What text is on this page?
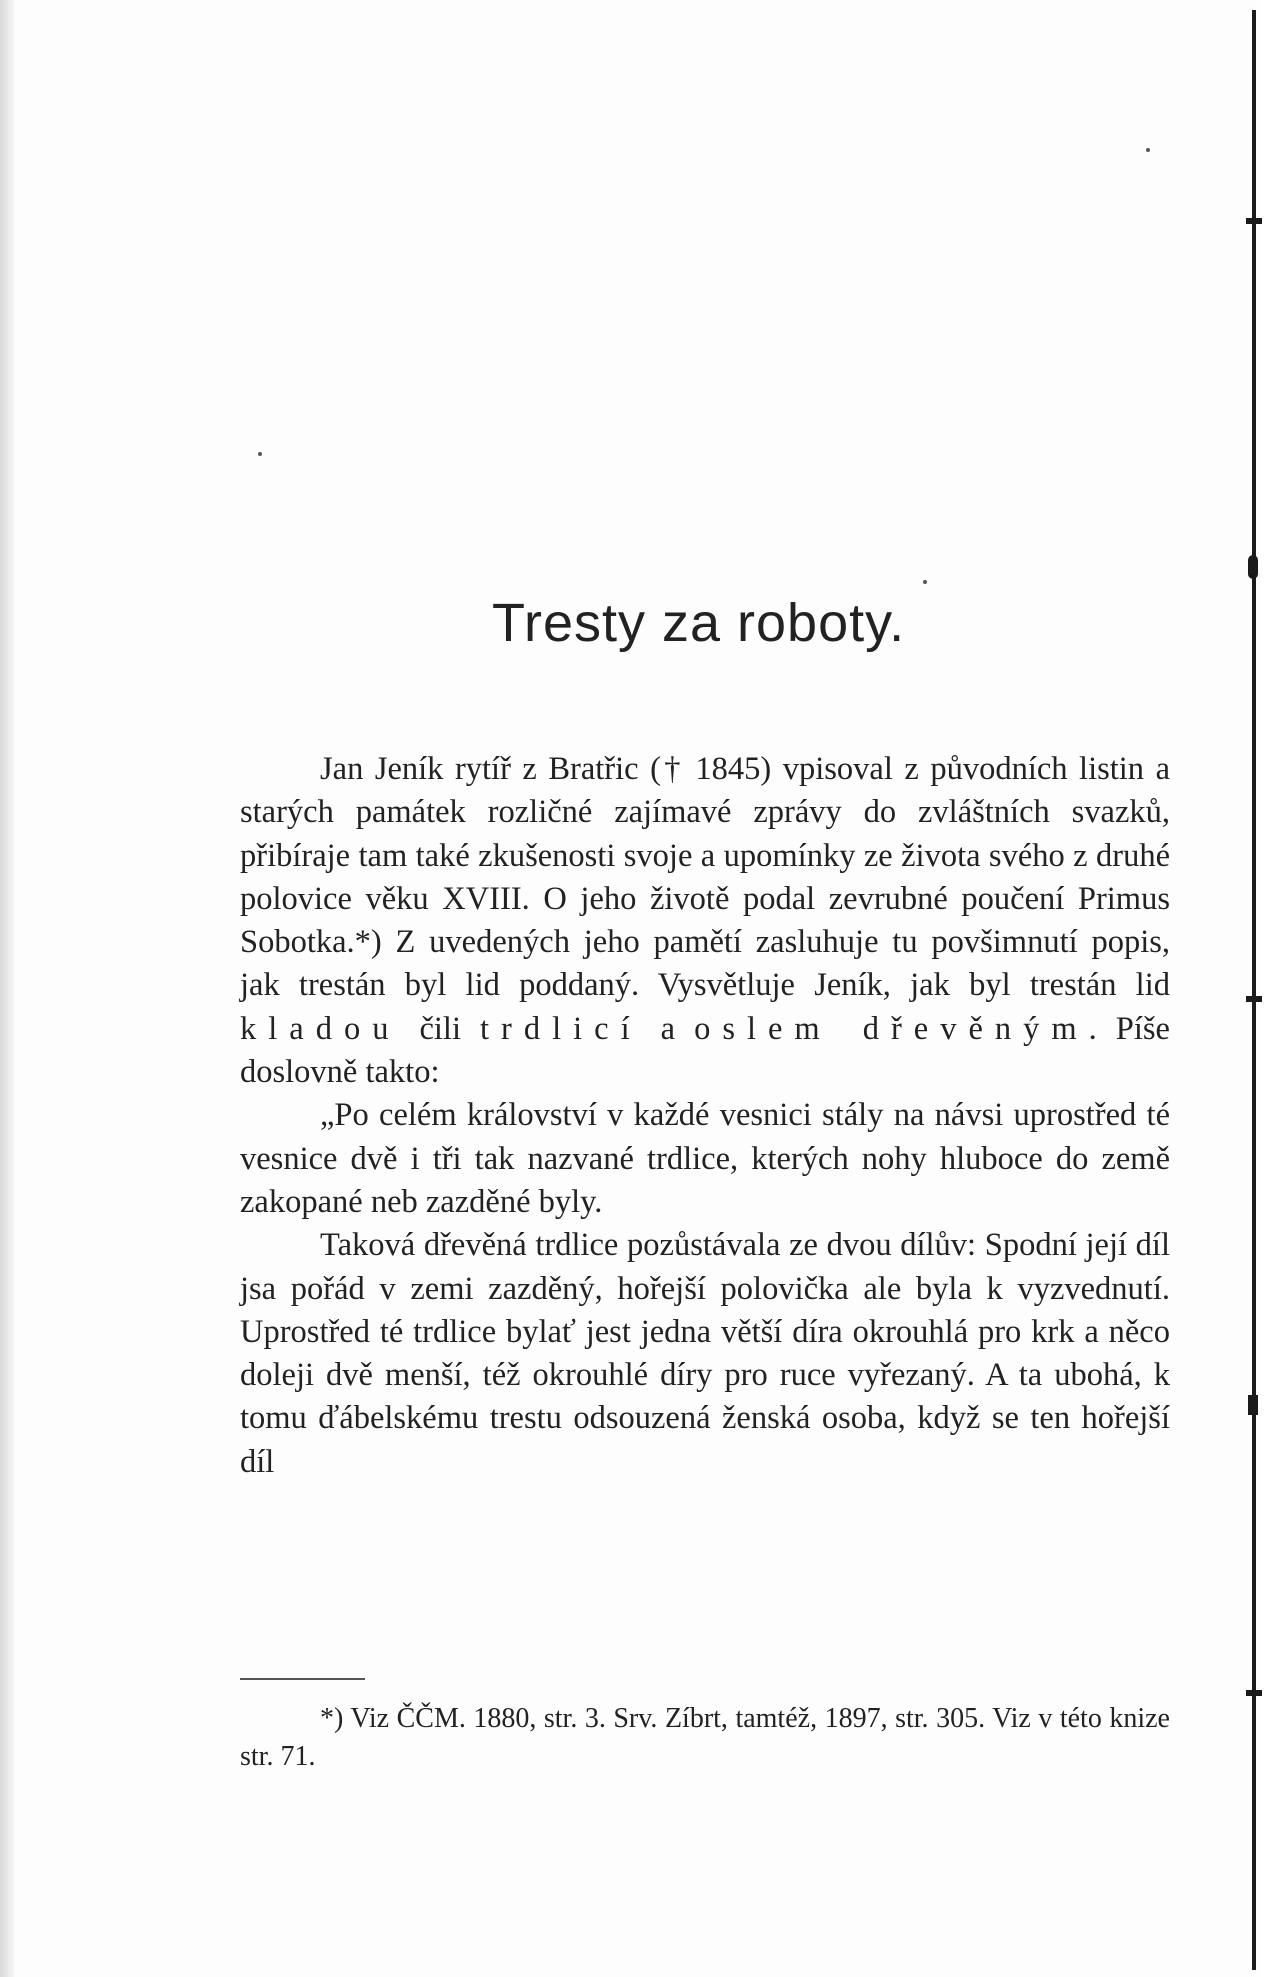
Tresty za roboty.

Jan Jeník rytíř z Bratřic († 1845) vpisoval z původních listin a starých památek rozličné zajímavé zprávy do zvláštních svazků, přibíraje tam také zkušenosti svoje a upomínky ze života svého z druhé polovice věku XVIII. O jeho životě podal zevrubné poučení Primus Sobotka.*) Z uvedených jeho pamětí zasluhuje tu povšimnutí popis, jak trestán byl lid poddaný. Vysvětluje Jeník, jak byl trestán lid kladou čili trdlicí a oslem dřevěným. Píše doslovně takto:

„Po celém království v každé vesnici stály na návsi uprostřed té vesnice dvě i tři tak nazvané trdlice, kterých nohy hluboce do země zakopané neb zazděné byly.

Taková dřevěná trdlice pozůstávala ze dvou dílův: Spodní její díl jsa pořád v zemi zazděný, hořejší polovička ale byla k vyzvednutí. Uprostřed té trdlice bylať jest jedna větší díra okrouhlá pro krk a něco doleji dvě menší, též okrouhlé díry pro ruce vyřezaný. A ta ubohá, k tomu ďábelskému trestu odsouzená ženská osoba, když se ten hořejší díl

*) Viz ČČM. 1880, str. 3. Srv. Zíbrt, tamtéž, 1897, str. 305. Viz v této knize str. 71.
